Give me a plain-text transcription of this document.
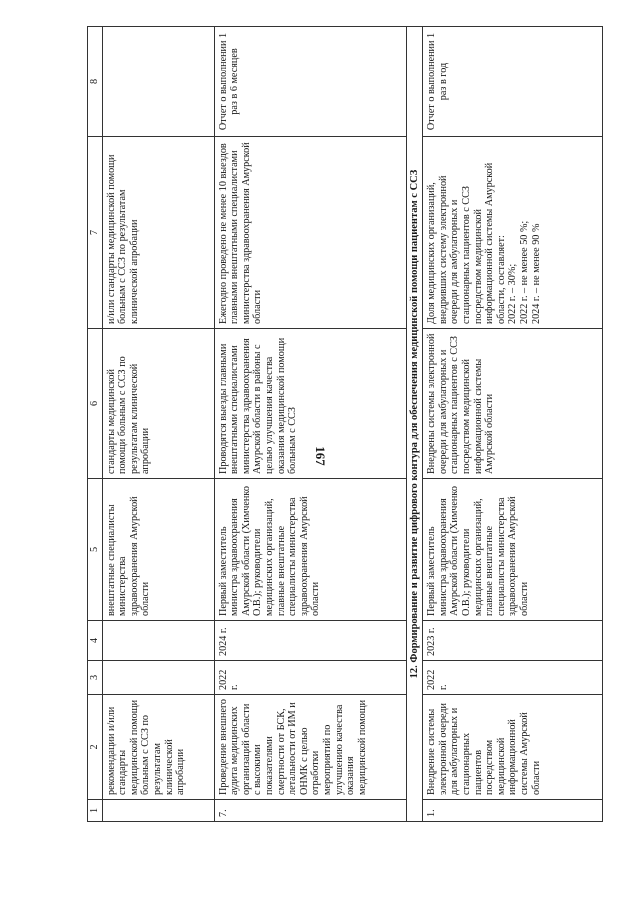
167
1	2	3	4	5	6	7	8
	рекомендации и/или стандарты медицинской помощи больным с ССЗ по результатам клинической апробации			внештатные специалисты министерства здравоохранения Амурской области	стандарты медицинской помощи больным с ССЗ по результатам клинической апробации	и/или стандарты медицинской помощи больным с ССЗ по результатам клинической апробации	
7.	Проведение внешнего аудита медицинских организаций области с высокими показателями смертности от БСК, летальности от ИМ и ОНМК с целью отработки мероприятий по улучшению качества оказания медицинской помощи	2022 г.	2024 г.	Первый заместитель министра здравоохранения Амурской области (Химченко О.В.); руководители медицинских организаций, главные внештатные специалисты министерства здравоохранения Амурской области	Проводятся выезды главными внештатными специалистами министерства здравоохранения Амурской области в районы с целью улучшения качества оказания медицинской помощи больным с ССЗ	Ежегодно проведено не менее 10 выездов главными внештатными специалистами министерства здравоохранения Амурской области	Отчет о выполнении 1 раз в 6 месяцев
12. Формирование и развитие цифрового контура для обеспечения медицинской помощи пациентам с ССЗ							
1.	Внедрение системы электронной очереди для амбулаторных и стационарных пациентов посредством медицинской информационной системы Амурской области	2022 г.	2023 г.	Первый заместитель министра здравоохранения Амурской области (Химченко О.В.); руководители медицинских организаций, главные внештатные специалисты министерства здравоохранения Амурской области	Внедрены системы электронной очереди для амбулаторных и стационарных пациентов с ССЗ посредством медицинской информационной системы Амурской области	Доля медицинских организаций, внедривших систему электронной очереди для амбулаторных и стационарных пациентов с ССЗ посредством медицинской информационной системы Амурской области, составляет:
2022 г. – 30%;
2022 г. – не менее 50 %;
2024 г. – не менее 90 %	Отчет о выполнении 1 раз в год
